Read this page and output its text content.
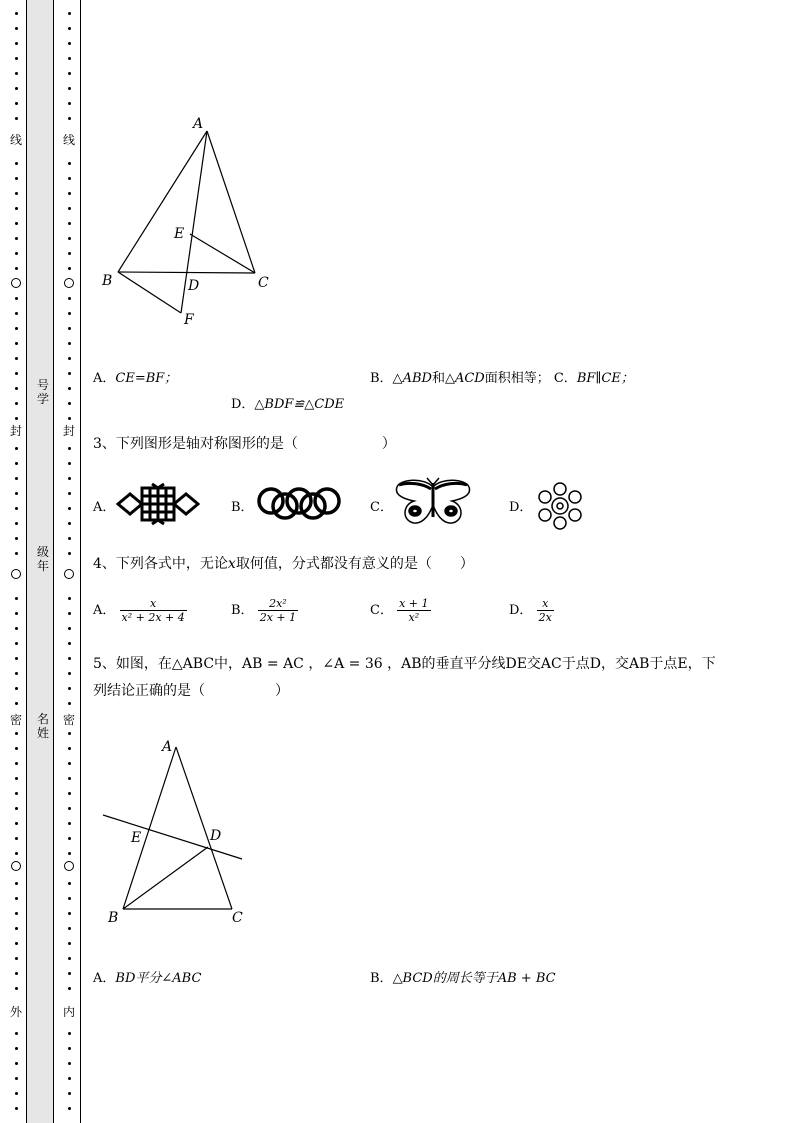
线
封
密
外
线
封
密
内
号学
级年
名姓
A
B	C
D
E
F
A．CE=BF；	B．△ABD和△ACD面积相等； C．BF∥CE；
D．△BDF≌△CDE
3、下列图形是轴对称图形的是（　　　　　　）
A．	B．	C．	D．
4、下列各式中，无论x取何值，分式都没有意义的是（　　）
A． $\frac{x}{\text{x² + 2x + 4}}$	B． $\frac{\text{2x²}}{2x + 1}$	C． $\frac{x + 1}{\text{x²}}$	D． $\frac{x}{2x}$
5、如图，在△ABC中，AB = AC ，∠A = 36 ，AB的垂直平分线DE交AC于点D，交AB于点E，下
列结论正确的是（　　　　　）
A
B	C
D
E
A．BD平分∠ABC	B．△BCD的周长等于AB + BC
